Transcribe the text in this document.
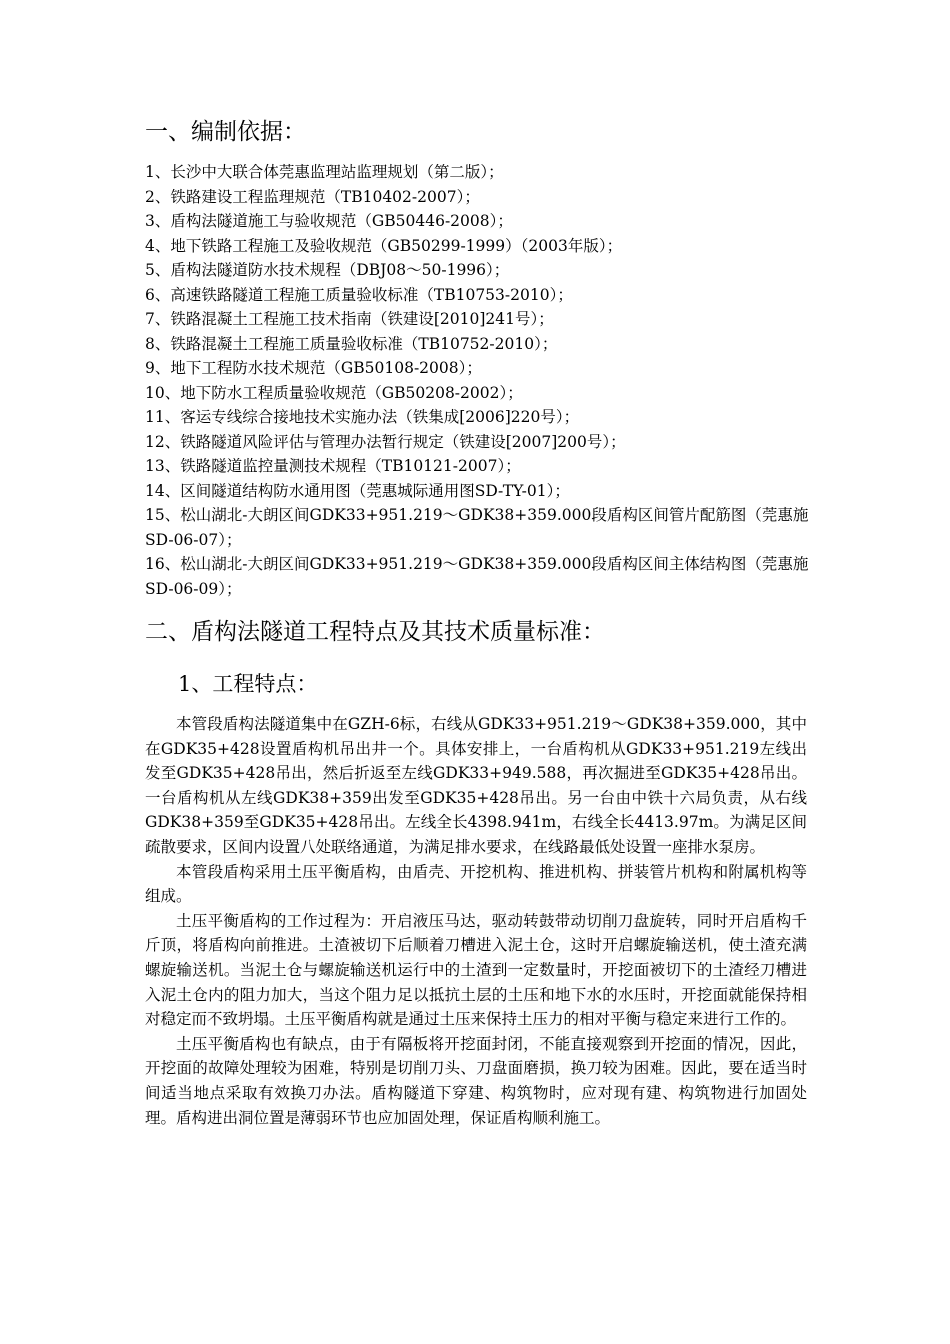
一、编制依据：
1、长沙中大联合体莞惠监理站监理规划（第二版）；
2、铁路建设工程监理规范（TB10402-2007）；
3、盾构法隧道施工与验收规范（GB50446-2008）；
4、地下铁路工程施工及验收规范（GB50299-1999）（2003年版）；
5、盾构法隧道防水技术规程（DBJ08～50-1996）；
6、高速铁路隧道工程施工质量验收标准（TB10753-2010）；
7、铁路混凝土工程施工技术指南（铁建设[2010]241号）；
8、铁路混凝土工程施工质量验收标准（TB10752-2010）；
9、地下工程防水技术规范（GB50108-2008）；
10、地下防水工程质量验收规范（GB50208-2002）；
11、客运专线综合接地技术实施办法（铁集成[2006]220号）；
12、铁路隧道风险评估与管理办法暂行规定（铁建设[2007]200号）；
13、铁路隧道监控量测技术规程（TB10121-2007）；
14、区间隧道结构防水通用图（莞惠城际通用图SD-TY-01）；
15、松山湖北-大朗区间GDK33+951.219～GDK38+359.000段盾构区间管片配筋图（莞惠施SD-06-07）；
16、松山湖北-大朗区间GDK33+951.219～GDK38+359.000段盾构区间主体结构图（莞惠施SD-06-09）；
二、盾构法隧道工程特点及其技术质量标准：
1、工程特点：

本管段盾构法隧道集中在GZH-6标，右线从GDK33+951.219～GDK38+359.000，其中在GDK35+428设置盾构机吊出井一个。具体安排上，一台盾构机从GDK33+951.219左线出发至GDK35+428吊出，然后折返至左线GDK33+949.588，再次掘进至GDK35+428吊出。一台盾构机从左线GDK38+359出发至GDK35+428吊出。另一台由中铁十六局负责，从右线GDK38+359至GDK35+428吊出。左线全长4398.941m，右线全长4413.97m。为满足区间疏散要求，区间内设置八处联络通道，为满足排水要求，在线路最低处设置一座排水泵房。

本管段盾构采用土压平衡盾构，由盾壳、开挖机构、推进机构、拼装管片机构和附属机构等组成。

土压平衡盾构的工作过程为：开启液压马达，驱动转鼓带动切削刀盘旋转，同时开启盾构千斤顶，将盾构向前推进。土渣被切下后顺着刀槽进入泥土仓，这时开启螺旋输送机，使土渣充满螺旋输送机。当泥土仓与螺旋输送机运行中的土渣到一定数量时，开挖面被切下的土渣经刀槽进入泥土仓内的阻力加大，当这个阻力足以抵抗土层的土压和地下水的水压时，开挖面就能保持相对稳定而不致坍塌。土压平衡盾构就是通过土压来保持土压力的相对平衡与稳定来进行工作的。

土压平衡盾构也有缺点，由于有隔板将开挖面封闭，不能直接观察到开挖面的情况，因此，开挖面的故障处理较为困难，特别是切削刀头、刀盘面磨损，换刀较为困难。因此，要在适当时间适当地点采取有效换刀办法。盾构隧道下穿建、构筑物时，应对现有建、构筑物进行加固处理。盾构进出洞位置是薄弱环节也应加固处理，保证盾构顺利施工。
